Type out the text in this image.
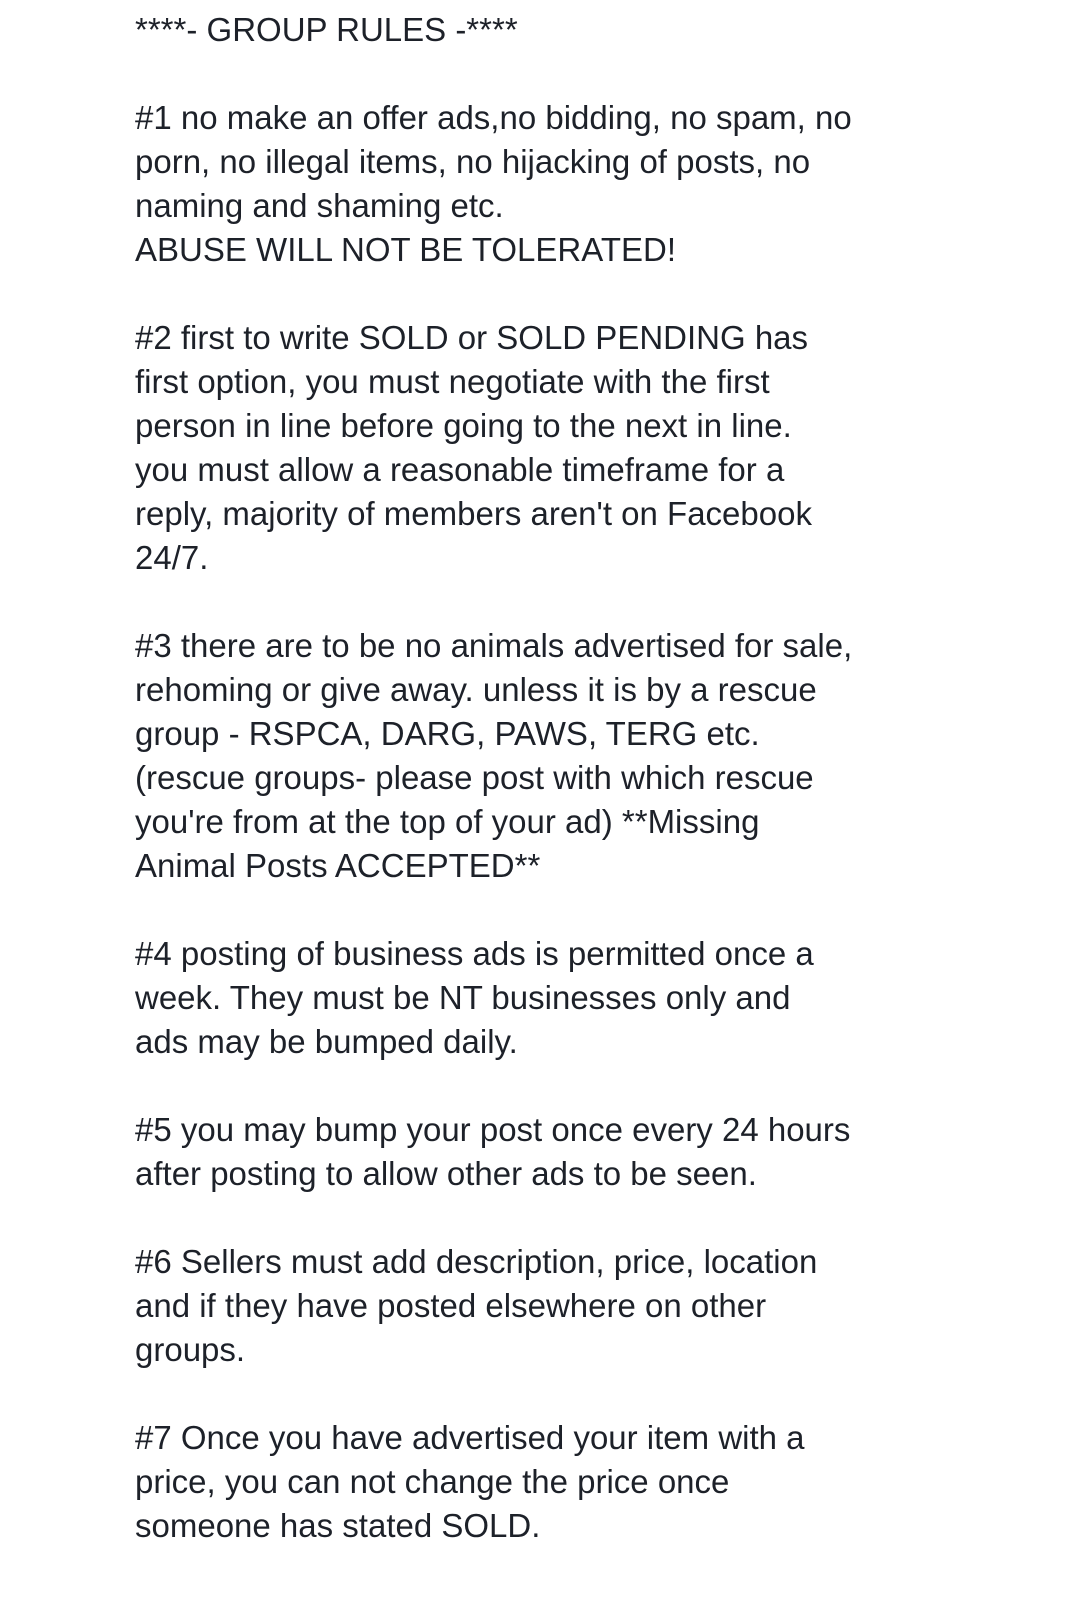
****- GROUP RULES -****
#1 no make an offer ads,no bidding, no spam, no
porn, no illegal items, no hijacking of posts, no
naming and shaming etc.
ABUSE WILL NOT BE TOLERATED!
#2 first to write SOLD or SOLD PENDING has
first option, you must negotiate with the first
person in line before going to the next in line.
you must allow a reasonable timeframe for a
reply, majority of members aren't on Facebook
24/7.
#3 there are to be no animals advertised for sale,
rehoming or give away. unless it is by a rescue
group - RSPCA, DARG, PAWS, TERG etc.
(rescue groups- please post with which rescue
you're from at the top of your ad) **Missing
Animal Posts ACCEPTED**
#4 posting of business ads is permitted once a
week. They must be NT businesses only and
ads may be bumped daily.
#5 you may bump your post once every 24 hours
after posting to allow other ads to be seen.
#6 Sellers must add description, price, location
and if they have posted elsewhere on other
groups.
#7 Once you have advertised your item with a
price, you can not change the price once
someone has stated SOLD.
